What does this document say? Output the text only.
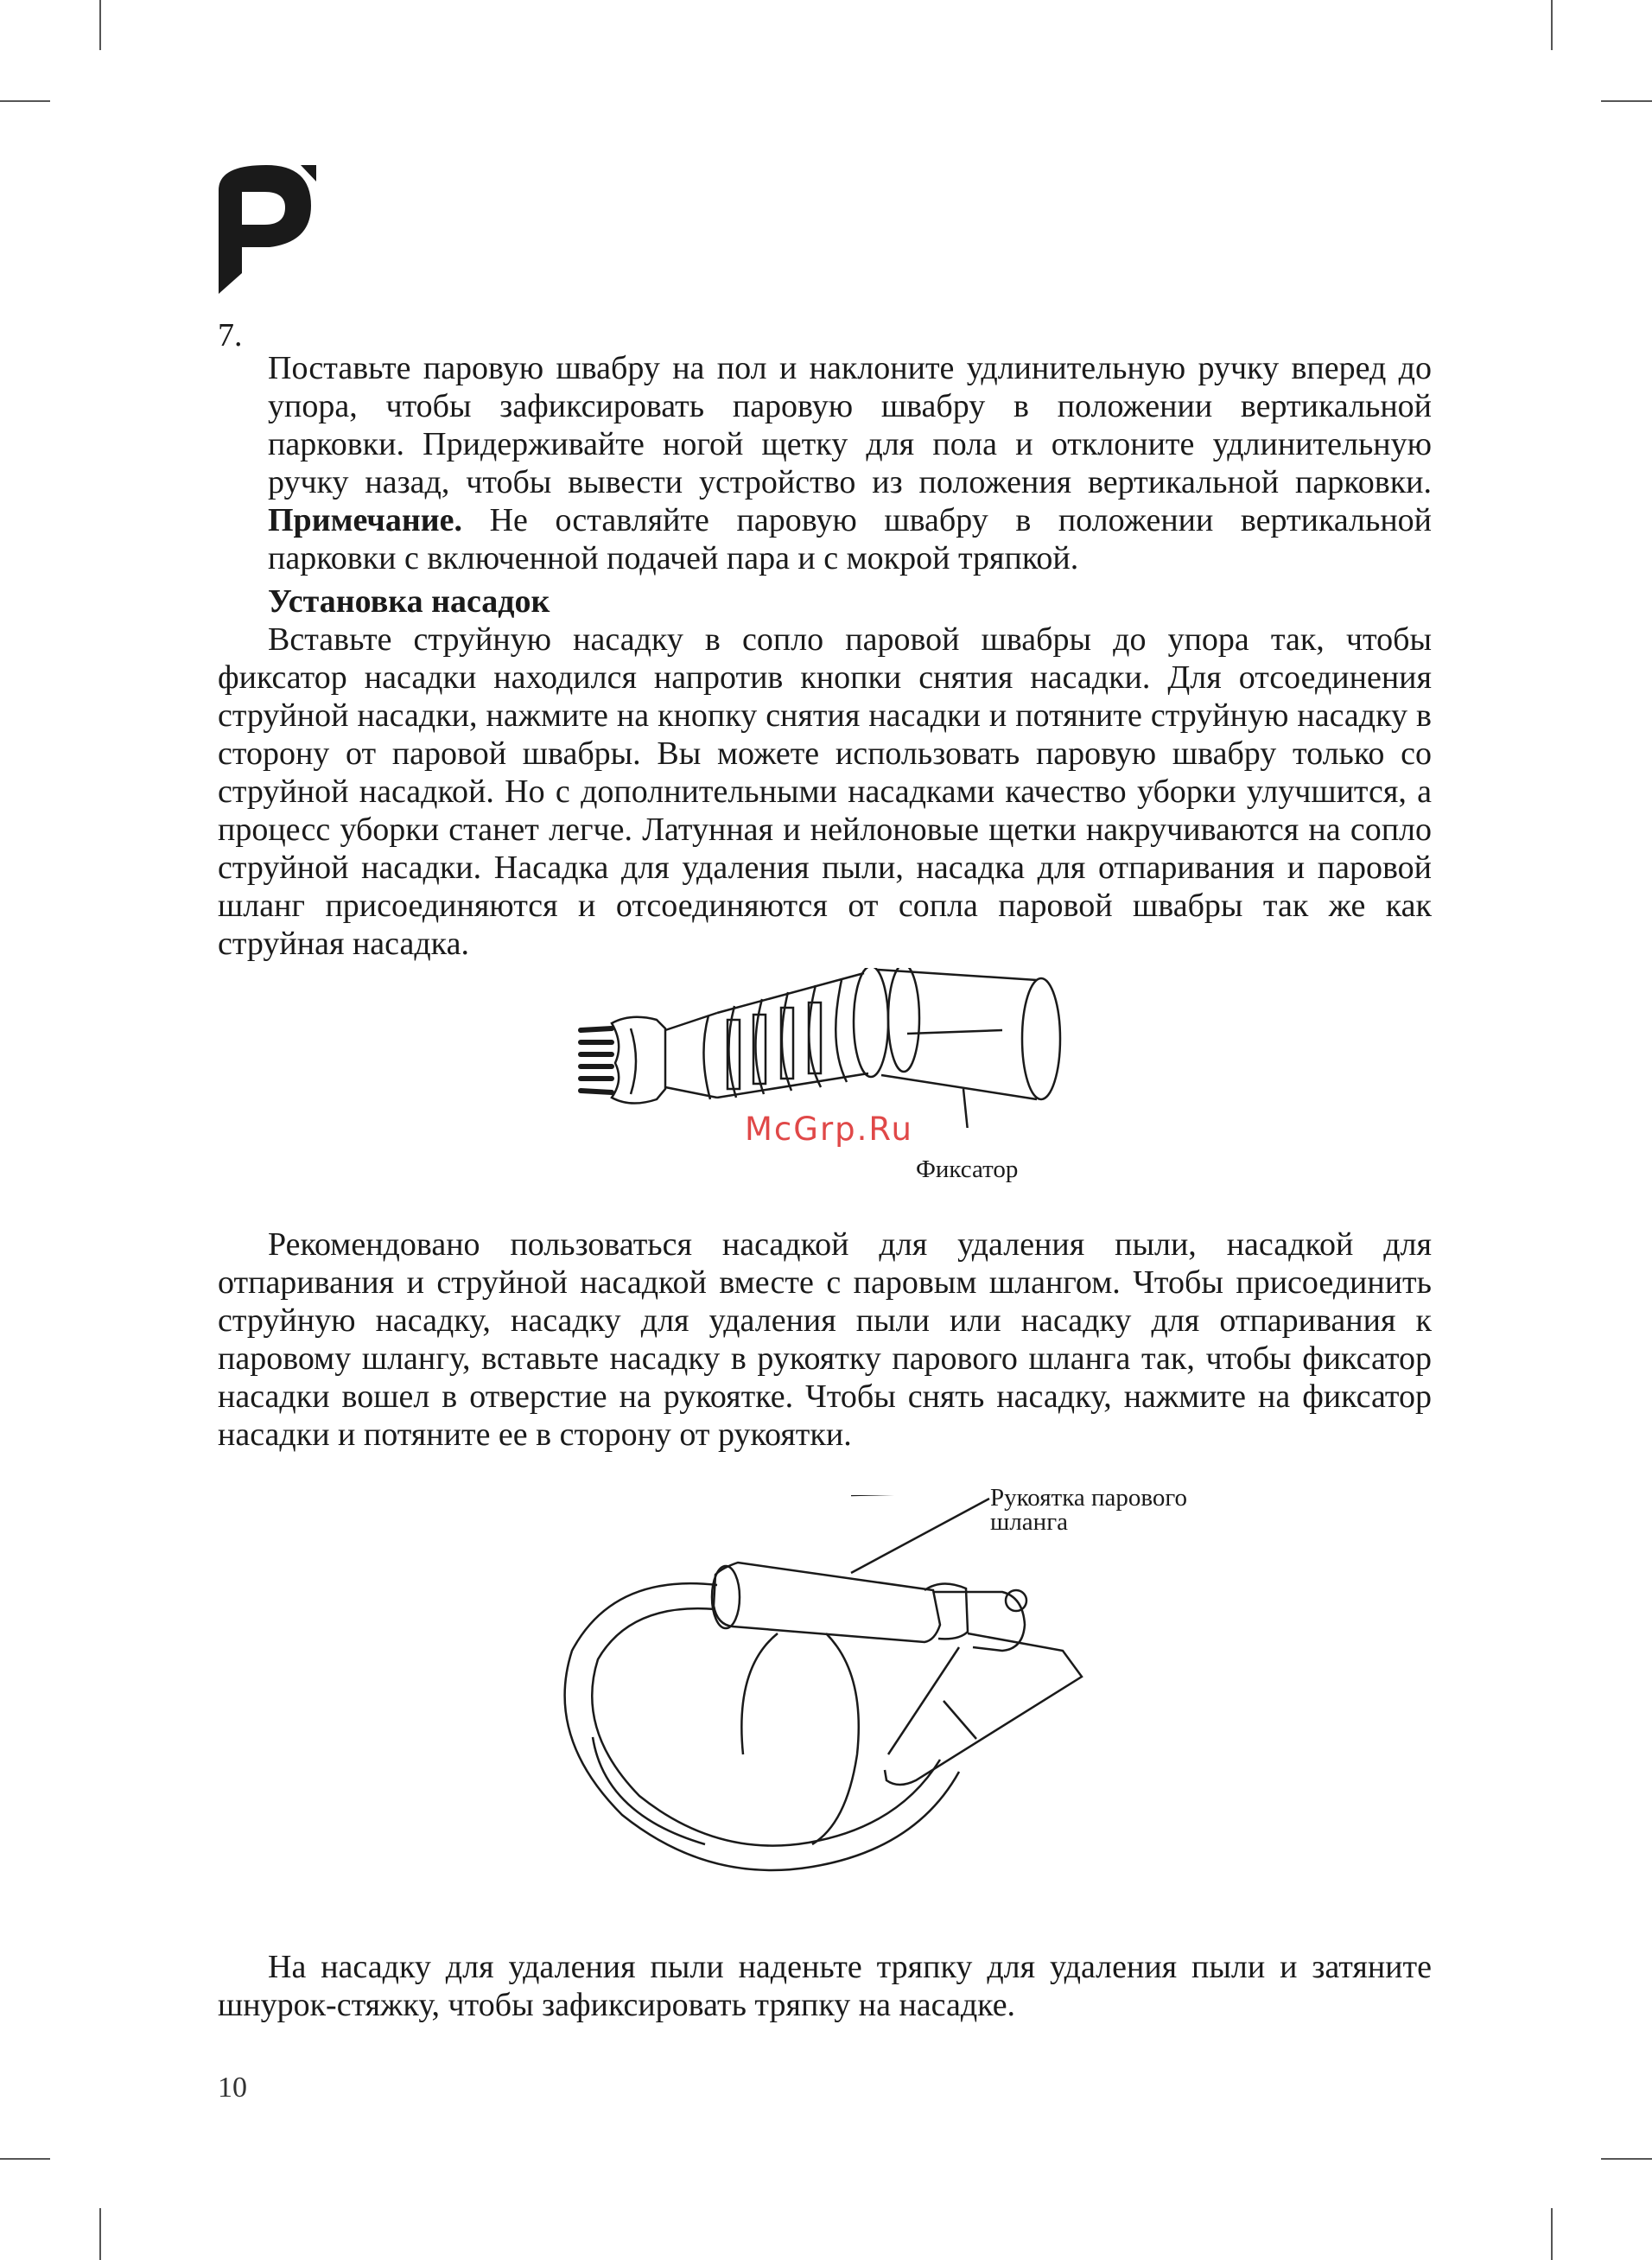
7.

Поставьте паровую швабру на пол и наклоните удлинительную ручку вперед до упора, чтобы зафиксировать паровую швабру в положении вертикальной парковки. Придерживайте ногой щетку для пола и отклоните удлинительную ручку назад, чтобы вывести устройство из положения вертикальной парковки. Примечание. Не оставляйте паровую швабру в положении вертикальной парковки с включенной подачей пара и с мокрой тряпкой.

Установка насадок

Вставьте струйную насадку в сопло паровой швабры до упора так, чтобы фиксатор насадки находился напротив кнопки снятия насадки. Для отсоединения струйной насадки, нажмите на кнопку снятия насадки и потяните струйную насадку в сторону от паровой швабры. Вы можете использовать паровую швабру только со струйной насадкой. Но с дополнительными насадками качество уборки улучшится, а процесс уборки станет легче. Латунная и нейлоновые щетки накручиваются на сопло струйной насадки. Насадка для удаления пыли, насадка для отпаривания и паровой шланг присоединяются и отсоединяются от сопла паровой швабры так же как струйная насадка.

McGrp.Ru
Фиксатор

Рекомендовано пользоваться насадкой для удаления пыли, насадкой для отпаривания и струйной насадкой вместе с паровым шлангом. Чтобы присоединить струйную насадку, насадку для удаления пыли или насадку для отпаривания к паровому шлангу, вставьте насадку в рукоятку парового шланга так, чтобы фиксатор насадки вошел в отверстие на рукоятке. Чтобы снять насадку, нажмите на фиксатор насадки и потяните ее в сторону от рукоятки.

Рукоятка парового
шланга

На насадку для удаления пыли наденьте тряпку для удаления пыли и затяните шнурок-стяжку, чтобы зафиксировать тряпку на насадке.

10
